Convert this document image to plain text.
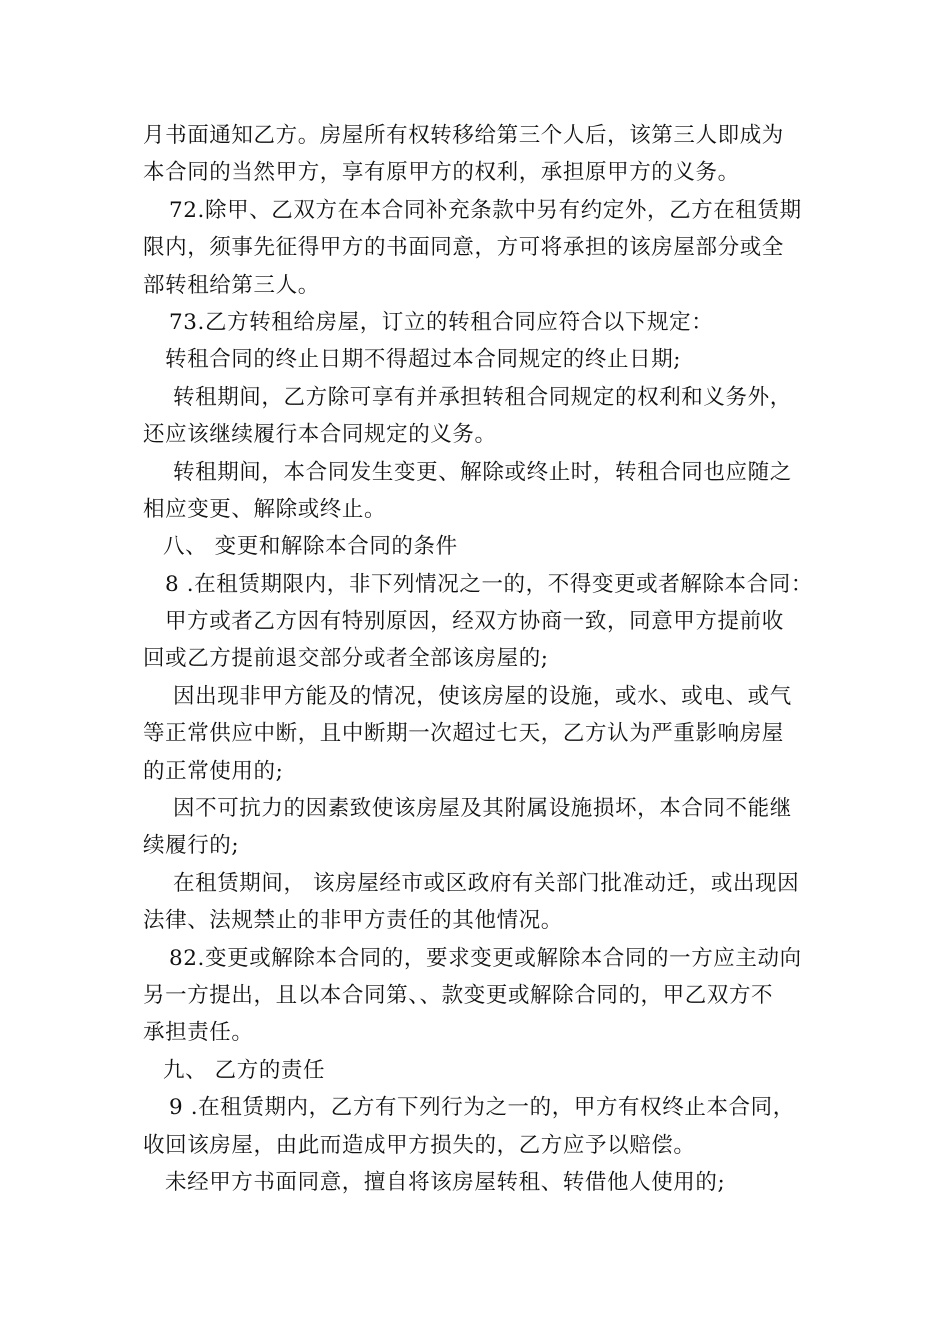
月书面通知乙方。房屋所有权转移给第三个人后，该第三人即成为
本合同的当然甲方，享有原甲方的权利，承担原甲方的义务。
72.除甲、乙双方在本合同补充条款中另有约定外，乙方在租赁期
限内，须事先征得甲方的书面同意，方可将承担的该房屋部分或全
部转租给第三人。
73.乙方转租给房屋，订立的转租合同应符合以下规定：
转租合同的终止日期不得超过本合同规定的终止日期;
转租期间，乙方除可享有并承担转租合同规定的权利和义务外，
还应该继续履行本合同规定的义务。
转租期间，本合同发生变更、解除或终止时，转租合同也应随之
相应变更、解除或终止。
八、 变更和解除本合同的条件
8 .在租赁期限内，非下列情况之一的，不得变更或者解除本合同：
甲方或者乙方因有特别原因，经双方协商一致，同意甲方提前收
回或乙方提前退交部分或者全部该房屋的;
因出现非甲方能及的情况，使该房屋的设施，或水、或电、或气
等正常供应中断，且中断期一次超过七天，乙方认为严重影响房屋
的正常使用的;
因不可抗力的因素致使该房屋及其附属设施损坏，本合同不能继
续履行的;
在租赁期间， 该房屋经市或区政府有关部门批准动迁，或出现因
法律、法规禁止的非甲方责任的其他情况。
82.变更或解除本合同的，要求变更或解除本合同的一方应主动向
另一方提出，且以本合同第、、款变更或解除合同的，甲乙双方不
承担责任。
九、 乙方的责任
9 .在租赁期内，乙方有下列行为之一的，甲方有权终止本合同，
收回该房屋，由此而造成甲方损失的，乙方应予以赔偿。
未经甲方书面同意，擅自将该房屋转租、转借他人使用的;
